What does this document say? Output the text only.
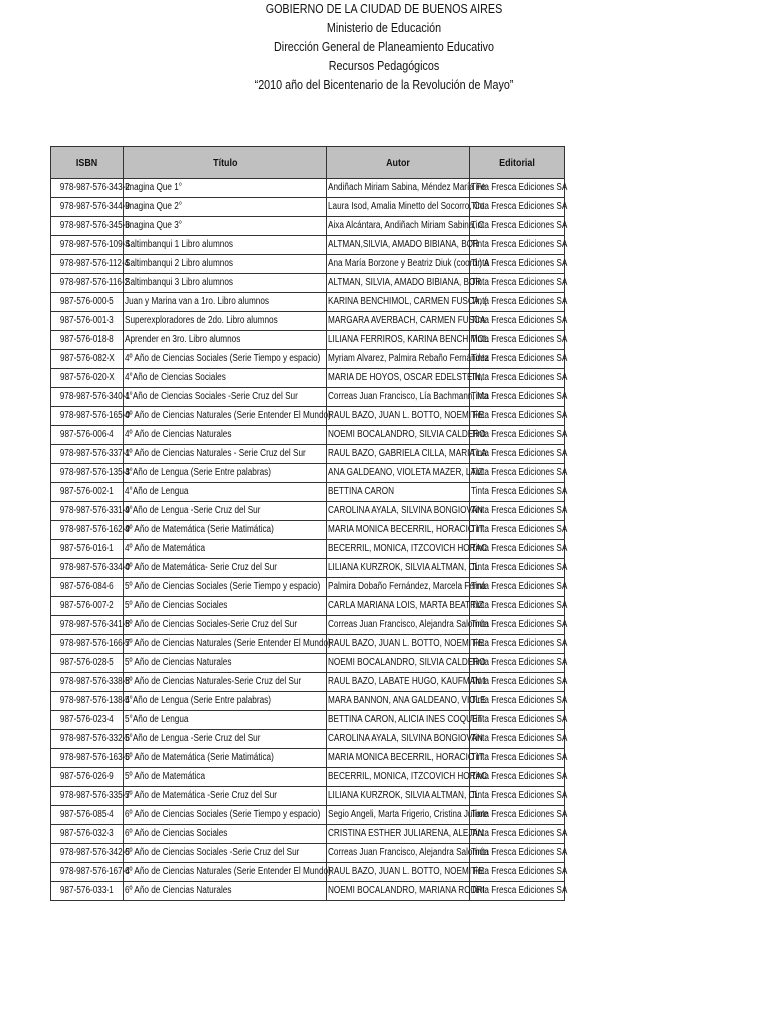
GOBIERNO DE LA CIUDAD DE BUENOS AIRES
Ministerio de Educación
Dirección General de Planeamiento Educativo
Recursos Pedagógicos
“2010 año del Bicentenario de la Revolución de Mayo”
ISBN	Título	Autor	Editorial
978-987-576-343-2	Imagina Que 1°	Andiñach Miriam Sabina, Méndez María Fe	Tinta Fresca Ediciones SA
978-987-576-344-9	Imagina Que 2°	Laura Isod, Amalia Minetto del Socorro, Co	Tinta Fresca Ediciones SA
978-987-576-345-6	Imagina Que 3°	Aixa Alcántara, Andiñach Miriam Sabina, C	Tinta Fresca Ediciones SA
978-987-576-109-4	Saltimbanqui 1 Libro alumnos	ALTMAN,SILVIA, AMADO BIBIANA, BOR	Tinta Fresca Ediciones SA
978-987-576-112-4	Saltimbanqui 2 Libro alumnos	Ana María Borzone y Beatriz Diuk (coord.) A	Tinta Fresca Ediciones SA
978-987-576-116-2	Saltimbanqui 3 Libro alumnos	ALTMAN, SILVIA, AMADO BIBIANA, BOR	Tinta Fresca Ediciones SA
987-576-000-5	Juan y Marina van a 1ro. Libro alumnos	KARINA BENCHIMOL, CARMEN FUSCA, (	Tinta Fresca Ediciones SA
987-576-001-3	Superexploradores de 2do. Libro alumnos	MARGARA AVERBACH, CARMEN FUSCA	Tinta Fresca Ediciones SA
987-576-018-8	Aprender en 3ro. Libro alumnos	LILIANA FERRIROS, KARINA BENCHIMOL	Tinta Fresca Ediciones SA
987-576-082-X	4º Año de Ciencias Sociales (Serie Tiempo y espacio)	Myriam Alvarez, Palmira Rebaño Fernández	Tinta Fresca Ediciones SA
987-576-020-X	4°Año de Ciencias Sociales	MARIA DE HOYOS, OSCAR EDELSTEIN,	Tinta Fresca Ediciones SA
978-987-576-340-1	4°Año de Ciencias Sociales -Serie Cruz del Sur	Correas Juan Francisco, Lía Bachmann, Ma	Tinta Fresca Ediciones SA
978-987-576-165-0	4º Año de Ciencias Naturales (Serie Entender El Mundo)	RAUL BAZO, JUAN L. BOTTO, NOEMI FE	Tinta Fresca Ediciones SA
987-576-006-4	4º Año de Ciencias Naturales	NOEMI BOCALANDRO, SILVIA CALDERO	Tinta Fresca Ediciones SA
978-987-576-337-1	4º Año de Ciencias Naturales - Serie Cruz del Sur	RAUL BAZO, GABRIELA CILLA, MARIA LA	Tinta Fresca Ediciones SA
978-987-576-135-3	4°Año de Lengua (Serie Entre palabras)	ANA GALDEANO, VIOLETA MAZER, LAIZ	Tinta Fresca Ediciones SA
987-576-002-1	4°Año de Lengua	BETTINA CARON	Tinta Fresca Ediciones SA
978-987-576-331-9	4°Año de Lengua -Serie Cruz del Sur	CAROLINA AYALA, SILVINA BONGIOVAN	Tinta Fresca Ediciones SA
978-987-576-162-9	4º Año de Matemática (Serie Matimática)	MARIA MONICA BECERRIL, HORACIO IT	Tinta Fresca Ediciones SA
987-576-016-1	4º Año de Matemática	BECERRIL, MONICA, ITZCOVICH HORAC	Tinta Fresca Ediciones SA
978-987-576-334-0	4º Año de Matemática- Serie Cruz del Sur	LILIANA KURZROK, SILVIA ALTMAN, CL	Tinta Fresca Ediciones SA
987-576-084-6	5º Año de Ciencias Sociales (Serie Tiempo y espacio)	Palmira Dobaño Fernández, Marcela Ferná	Tinta Fresca Ediciones SA
987-576-007-2	5º Año de Ciencias Sociales	CARLA MARIANA LOIS, MARTA BEATRIZ	Tinta Fresca Ediciones SA
978-987-576-341-8	5º Año de Ciencias Sociales-Serie Cruz del Sur	Correas Juan Francisco, Alejandra Salomón	Tinta Fresca Ediciones SA
978-987-576-166-7	5º Año de Ciencias Naturales (Serie Entender El Mundo)	RAUL BAZO, JUAN L. BOTTO, NOEMI FE	Tinta Fresca Ediciones SA
987-576-028-5	5º Año de Ciencias Naturales	NOEMI BOCALANDRO, SILVIA CALDERO	Tinta Fresca Ediciones SA
978-987-576-338-8	5º Año de Ciencias Naturales-Serie Cruz del Sur	RAUL BAZO, LABATE HUGO, KAUFMAN I	Tinta Fresca Ediciones SA
978-987-576-138-4	5°Año de Lengua (Serie Entre palabras)	MARA BANNON, ANA GALDEANO, VIOLE	Tinta Fresca Ediciones SA
987-576-023-4	5°Año de Lengua	BETTINA CARON, ALICIA INES COQUET	Tinta Fresca Ediciones SA
978-987-576-332-6	5°Año de Lengua -Serie Cruz del Sur	CAROLINA AYALA, SILVINA BONGIOVAN	Tinta Fresca Ediciones SA
978-987-576-163-6	5º Año de Matemática (Serie Matimática)	MARIA MONICA BECERRIL, HORACIO IT	Tinta Fresca Ediciones SA
987-576-026-9	5º Año de Matemática	BECERRIL, MONICA, ITZCOVICH HORAC	Tinta Fresca Ediciones SA
978-987-576-335-7	5º Año de Matemática -Serie Cruz del Sur	LILIANA KURZROK, SILVIA ALTMAN, CL	Tinta Fresca Ediciones SA
987-576-085-4	6º Año de Ciencias Sociales (Serie Tiempo y espacio)	Segio Angeli, Marta Frigerio, Cristina Juliare	Tinta Fresca Ediciones SA
987-576-032-3	6º Año de Ciencias Sociales	CRISTINA ESTHER JULIARENA, ALEJAN	Tinta Fresca Ediciones SA
978-987-576-342-5	6º Año de Ciencias Sociales -Serie Cruz del Sur	Correas Juan Francisco, Alejandra Salomón	Tinta Fresca Ediciones SA
978-987-576-167-4	6º Año de Ciencias Naturales (Serie Entender El Mundo)	RAUL BAZO, JUAN L. BOTTO, NOEMI FE	Tinta Fresca Ediciones SA
987-576-033-1	6º Año de Ciencias Naturales	NOEMI BOCALANDRO, MARIANA RODRI	Tinta Fresca Ediciones SA
